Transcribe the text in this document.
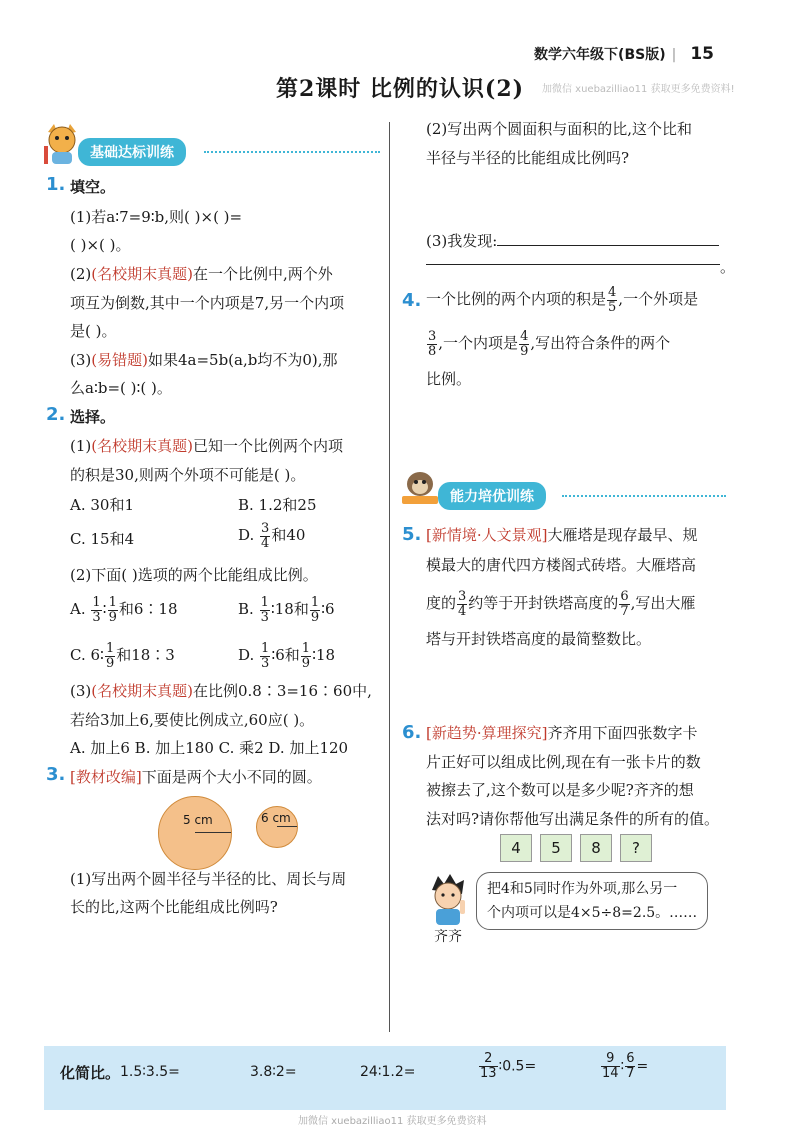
数学六年级下(BS版) | 15
第2课时 比例的认识(2)	加微信 xuebazilliao11 获取更多免费资料!
基础达标训练
1. 填空。
(1)若a∶7=9∶b,则( )×( )=
( )×( )。
(2)(名校期末真题)在一个比例中,两个外
项互为倒数,其中一个内项是7,另一个内项
是( )。
(3)(易错题)如果4a=5b(a,b均不为0),那
么a∶b=( )∶( )。
2. 选择。
(1)(名校期末真题)已知一个比例两个内项
的积是30,则两个外项不可能是( )。
A. 30和1	B. 1.2和25
C. 15和4	D. $\frac{3}{4}$ 和40
(2)下面( )选项的两个比能组成比例。
A. $\frac{1}{3}$ ∶ $\frac{1}{9}$ 和6∶18	B. $\frac{1}{3}$ ∶18和 $\frac{1}{9}$ ∶6
C. 6∶ $\frac{1}{9}$ 和18∶3	D. $\frac{1}{3}$ ∶6和 $\frac{1}{9}$ ∶18
(3)(名校期末真题)在比例0.8∶3=16∶60中,
若给3加上6,要使比例成立,60应( )。
A. 加上6 B. 加上180 C. 乘2 D. 加上120
3. [教材改编]下面是两个大小不同的圆。
5 cm	6 cm
(1)写出两个圆半径与半径的比、周长与周
长的比,这两个比能组成比例吗?
(2)写出两个圆面积与面积的比,这个比和
半径与半径的比能组成比例吗?
(3)我发现:
。
4. 一个比例的两个内项的积是 $\frac{4}{5}$ ,一个外项是
$\frac{3}{8}$ ,一个内项是 $\frac{4}{9}$ ,写出符合条件的两个
比例。
能力培优训练
5. [新情境·人文景观]大雁塔是现存最早、规
模最大的唐代四方楼阁式砖塔。大雁塔高
度的 $\frac{3}{4}$ 约等于开封铁塔高度的 $\frac{6}{7}$ ,写出大雁
塔与开封铁塔高度的最简整数比。
6. [新趋势·算理探究]齐齐用下面四张数字卡
片正好可以组成比例,现在有一张卡片的数
被擦去了,这个数可以是多少呢?齐齐的想
法对吗?请你帮他写出满足条件的所有的值。
4	5	8	?
齐齐
把4和5同时作为外项,那么另一
个内项可以是4×5÷8=2.5。……
化简比。 1.5∶3.5=	3.8∶2=	24∶1.2=	$\frac{2}{13}$ ∶0.5=	$\frac{9}{14}$ ∶ $\frac{6}{7}$ =
加微信 xuebazilliao11 获取更多免费资料
